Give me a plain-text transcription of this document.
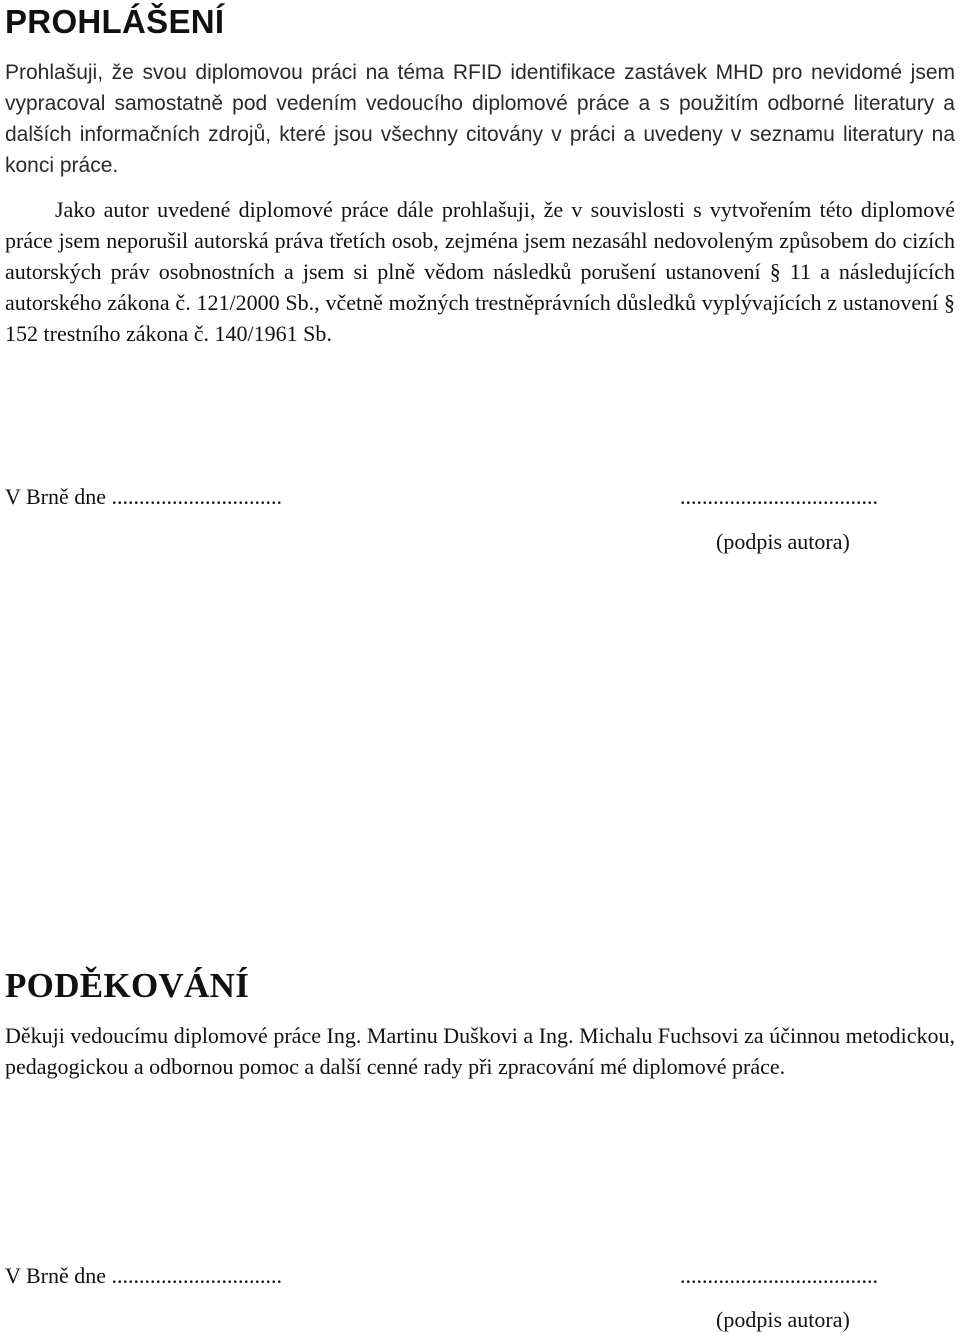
PROHLÁŠENÍ

Prohlašuji, že svou diplomovou práci na téma RFID identifikace zastávek MHD pro nevidomé jsem vypracoval samostatně pod vedením vedoucího diplomové práce a s použitím odborné literatury a dalších informačních zdrojů, které jsou všechny citovány v práci a uvedeny v seznamu literatury na konci práce.

Jako autor uvedené diplomové práce dále prohlašuji, že v souvislosti s vytvořením této diplomové práce jsem neporušil autorská práva třetích osob, zejména jsem nezasáhl nedovoleným způsobem do cizích autorských práv osobnostních a jsem si plně vědom následků porušení ustanovení § 11 a následujících autorského zákona č. 121/2000 Sb., včetně možných trestněprávních důsledků vyplývajících z ustanovení § 152 trestního zákona č. 140/1961 Sb.

V Brně dne ...............................	....................................
(podpis autora)
PODĚKOVÁNÍ

Děkuji vedoucímu diplomové práce Ing. Martinu Duškovi a Ing. Michalu Fuchsovi za účinnou metodickou, pedagogickou a odbornou pomoc a další cenné rady při zpracování mé diplomové práce.

V Brně dne ...............................	....................................
(podpis autora)
